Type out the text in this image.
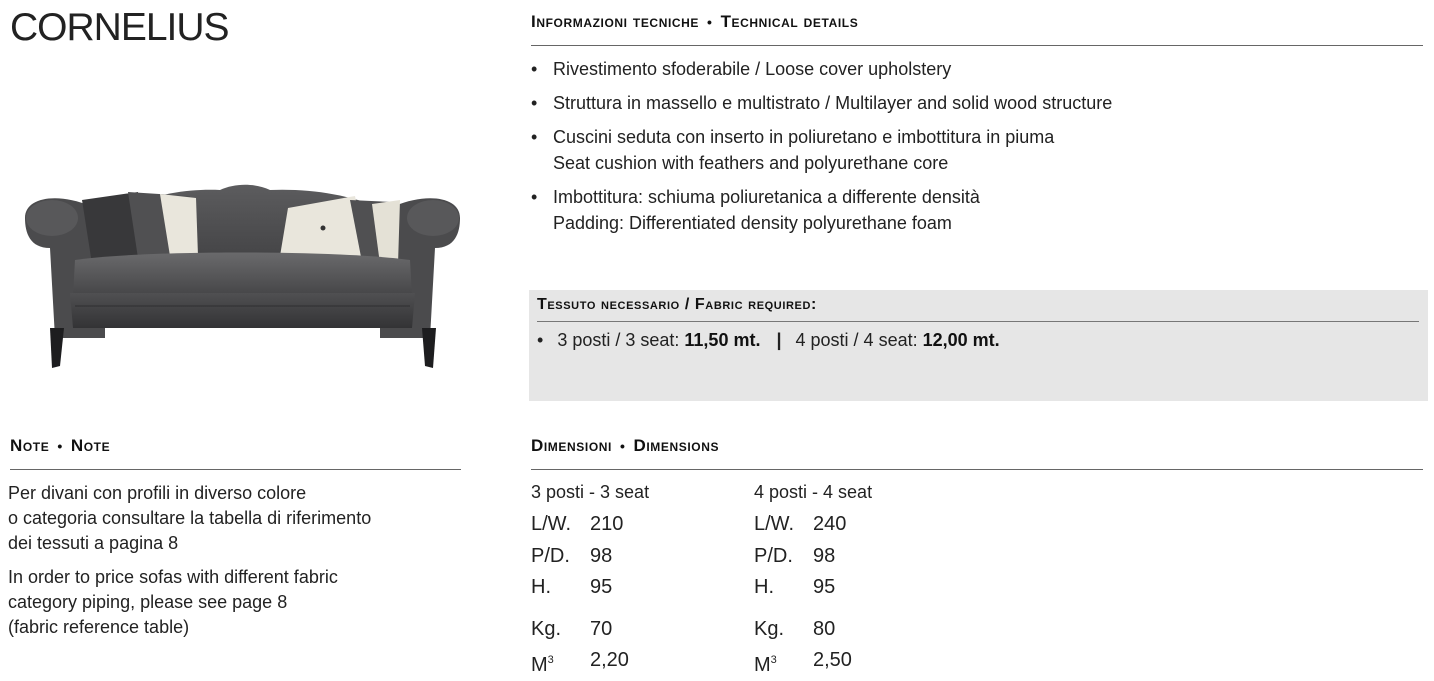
CORNELIUS	Informazioni tecniche • Technical details
• Rivestimento sfoderabile / Loose cover upholstery
• Struttura in massello e multistrato / Multilayer and solid wood structure
• Cuscini seduta con inserto in poliuretano e imbottitura in piuma
Seat cushion with feathers and polyurethane core
• Imbottitura: schiuma poliuretanica a differente densità
Padding: Differentiated density polyurethane foam
Tessuto necessario / Fabric required:
• 3 posti / 3 seat: 11,50 mt. | 4 posti / 4 seat: 12,00 mt.
Note • Note

Per divani con profili in diverso colore
o categoria consultare la tabella di riferimento
dei tessuti a pagina 8

In order to price sofas with different fabric
category piping, please see page 8
(fabric reference table)

Dimensioni • Dimensions
3 posti - 3 seat
L/W. 210
P/D.	98
H.	95
Kg.	70
$M^3$	2,20
4 posti - 4 seat
L/W. 240
P/D.	98
H.	95
Kg.	80
$M^3$	2,50
